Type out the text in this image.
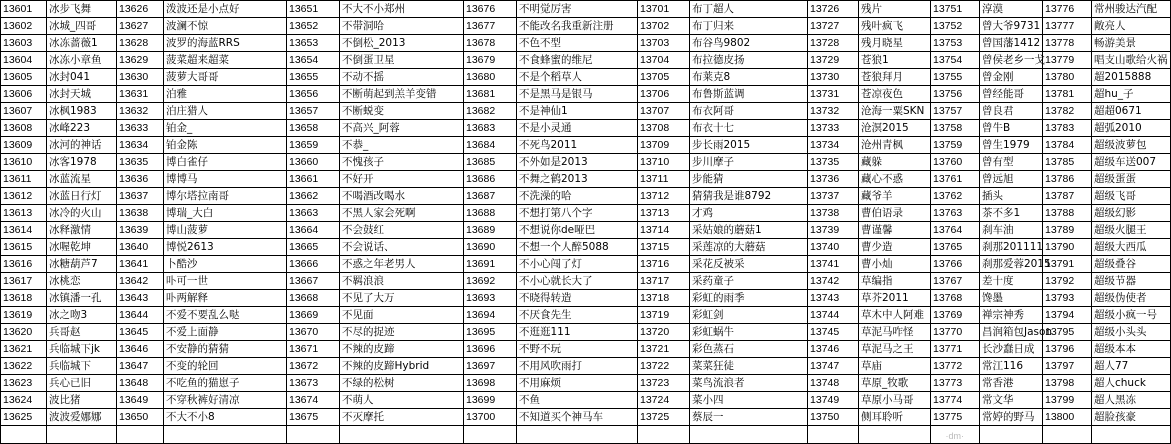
13601	冰步飞舞	13626	泼波还是小点好	13651	不大不小郑州	13676	不明觉厉害	13701	布丁超人	13726	残片	13751	淳漠	13776	常州骏达汽配
13602	冰城_四哥	13627	波澜不惊	13652	不带洞哈	13677	不能改名我重新注册	13702	布丁归来	13727	残叶疯飞	13752	曾大爷9731	13777	敞亮人
13603	冰冻蔷薇1	13628	波罗的海蓝RRS	13653	不倒松_2013	13678	不色不型	13703	布谷鸟9802	13728	残月晓星	13753	曾国藩1412	13778	畅游美景
13604	冰冻小章鱼	13629	菠菜超来超菜	13654	不倒蛋卫星	13679	不食蜂蜜的维尼	13704	布拉德皮扬	13729	苍狼1	13754	曾侯老乡一戈	13779	唱支山歌给火祸
13605	冰封041	13630	菠萝大哥哥	13655	不动不摇	13680	不是个稻草人	13705	布莱克8	13730	苍狼拜月	13755	曾金刚	13780	超2015888
13606	冰封天城	13631	泊雅	13656	不断萌起到羔羊变错	13681	不是黑马是银马	13706	布鲁斯蓝调	13731	苍凉夜色	13756	曾经能哥	13781	超hu_子
13607	冰枫1983	13632	泊庄猎人	13657	不断蜕变	13682	不是神仙1	13707	布衣阿哥	13732	沧海一粟SKN	13757	曾良君	13782	超超0671
13608	冰峰223	13633	铂金_	13658	不高兴_阿蓉	13683	不是小灵通	13708	布衣十七	13733	沧溟2015	13758	曾牛B	13783	超弧2010
13609	冰河的神话	13634	铂金陈	13659	不恭_	13684	不死鸟2011	13709	步长雨2015	13734	沧州青枫	13759	曾生1979	13784	超级波萝包
13610	冰客1978	13635	博白雀仔	13660	不愧孩子	13685	不外如是2013	13710	步川摩子	13735	藏躲	13760	曾有型	13785	超级车送007
13611	冰蓝流星	13636	博博马	13661	不好开	13686	不舞之鹤2013	13711	步能猜	13736	藏心不惑	13761	曾远旭	13786	超级蛋蛋
13612	冰蓝日行灯	13637	博尔塔拉南哥	13662	不喝酒改喝水	13687	不洗澡的哈	13712	猜猜我是谁8792	13737	藏爷羊	13762	插头	13787	超级飞哥
13613	冰冷的火山	13638	博瑞_大白	13663	不黑人家会死啊	13688	不想打第八个字	13713	才鸡	13738	曹伯语录	13763	茶不多1	13788	超级幻影
13614	冰释激情	13639	博山菠萝	13664	不会鼓红	13689	不想说你de哑巴	13714	采姑娘的蘑菇1	13739	曹谨馨	13764	刹车油	13789	超级火腿王
13615	冰喔乾坤	13640	博悦2613	13665	不会说话、	13690	不想一个人醉5088	13715	采莲凉的大蘑菇	13740	曹少造	13765	刹那201111	13790	超级大西瓜
13616	冰糖葫芦7	13641	卜酷沙	13666	不惑之年老男人	13691	不小心闯了灯	13716	采花反被采	13741	曹小灿	13766	刹那爱蓉2015	13791	超级叠谷
13617	冰桃恋	13642	卟可一世	13667	不羁浪浪	13692	不小心就长大了	13717	采药童子	13742	草编指	13767	差十度	13792	超级节器
13618	冰镇潘一孔	13643	卟两解释	13668	不见了大万	13693	不晓得转造	13718	彩虹的雨季	13743	草芥2011	13768	馋墨	13793	超级伪使者
13619	冰之吻3	13644	不爱不要乱么哒	13669	不见面	13694	不厌食先生	13719	彩虹剑	13744	草木中人阿难	13769	禅宗神秀	13794	超级小疯一号
13620	兵哥赵	13645	不爱上面静	13670	不尽的捉迹	13695	不逛逛111	13720	彩虹蜗牛	13745	草泥马咋怪	13770	昌润箱包Jason	13795	超级小头头
13621	兵临城下jk	13646	不安静的猜猜	13671	不辣的皮蹄	13696	不野不玩	13721	彩色蒸石	13746	草泥马之王	13771	长沙蠢日成	13796	超级本本
13622	兵临城下	13647	不变的轮回	13672	不辣的皮蹄Hybrid	13697	不用风吹雨打	13722	菜菜狂徒	13747	草庙	13772	常江116	13797	超人77
13623	兵心已旧	13648	不吃鱼的猫崽子	13673	不绿的松树	13698	不用麻烦	13723	菜鸟流浪者	13748	草原_牧歌	13773	常香港	13798	超人chuck
13624	波比猪	13649	不穿秋裤好清凉	13674	不萌人	13699	不鱼	13724	菜小四	13749	草原小马哥	13774	常文华	13799	超人黑冻
13625	波波爱娜娜	13650	不大不小8	13675	不灭摩托	13700	不知道买个神马车	13725	蔡辰一	13750	侧耳聆听	13775	常婷的野马	13800	超脸孩豪

·dm·
